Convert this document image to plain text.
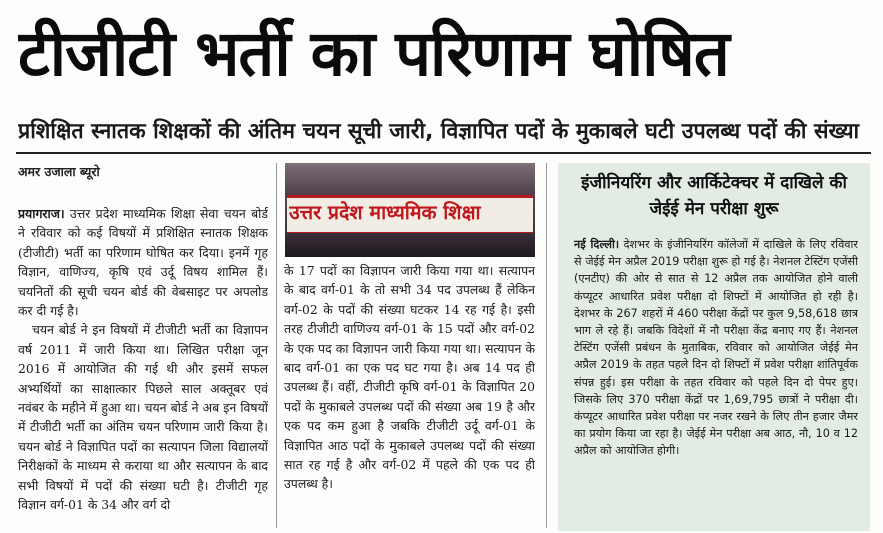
टीजीटी भर्ती का परिणाम घोषित
प्रशिक्षित स्नातक शिक्षकों की अंतिम चयन सूची जारी, विज्ञापित पदों के मुकाबले घटी उपलब्ध पदों की संख्या
अमर उजाला ब्यूरो

प्रयागराज। उत्तर प्रदेश माध्यमिक शिक्षा सेवा चयन बोर्ड ने रविवार को कई विषयों में प्रशिक्षित स्नातक शिक्षक (टीजीटी) भर्ती का परिणाम घोषित कर दिया। इनमें गृह विज्ञान, वाणिज्य, कृषि एवं उर्दू विषय शामिल हैं। चयनितों की सूची चयन बोर्ड की वेबसाइट पर अपलोड कर दी गई है।

चयन बोर्ड ने इन विषयों में टीजीटी भर्ती का विज्ञापन वर्ष 2011 में जारी किया था। लिखित परीक्षा जून 2016 में आयोजित की गई थी और इसमें सफल अभ्यर्थियों का साक्षात्कार पिछले साल अक्तूबर एवं नवंबर के महीने में हुआ था। चयन बोर्ड ने अब इन विषयों में टीजीटी भर्ती का अंतिम चयन परिणाम जारी किया है। चयन बोर्ड ने विज्ञापित पदों का सत्यापन जिला विद्यालयों निरीक्षकों के माध्यम से कराया था और सत्यापन के बाद सभी विषयों में पदों की संख्या घटी है। टीजीटी गृह विज्ञान वर्ग-01 के 34 और वर्ग दो

उत्तर प्रदेश माध्यमिक शिक्षा

के 17 पदों का विज्ञापन जारी किया गया था। सत्यापन के बाद वर्ग-01 के तो सभी 34 पद उपलब्ध हैं लेकिन वर्ग-02 के पदों की संख्या घटकर 14 रह गई है। इसी तरह टीजीटी वाणिज्य वर्ग-01 के 15 पदों और वर्ग-02 के एक पद का विज्ञापन जारी किया गया था। सत्यापन के बाद वर्ग-01 का एक पद घट गया है। अब 14 पद ही उपलब्ध हैं। वहीं, टीजीटी कृषि वर्ग-01 के विज्ञापित 20 पदों के मुकाबले उपलब्ध पदों की संख्या अब 19 है और एक पद कम हुआ है जबकि टीजीटी उर्दू वर्ग-01 के विज्ञापित आठ पदों के मुकाबले उपलब्ध पदों की संख्या सात रह गई है और वर्ग-02 में पहले की एक पद ही उपलब्ध है।

इंजीनियरिंग और आर्किटेक्चर में दाखिले की जेईई मेन परीक्षा शुरू
नई दिल्ली। देशभर के इंजीनियरिंग कॉलेजों में दाखिले के लिए रविवार से जेईई मेन अप्रैल 2019 परीक्षा शुरू हो गई है। नेशनल टेस्टिंग एजेंसी (एनटीए) की ओर से सात से 12 अप्रैल तक आयोजित होने वाली कंप्यूटर आधारित प्रवेश परीक्षा दो शिफ्टों में आयोजित हो रही है। देशभर के 267 शहरों में 460 परीक्षा केंद्रों पर कुल 9,58,618 छात्र भाग ले रहे हैं। जबकि विदेशों में नौ परीक्षा केंद्र बनाए गए हैं। नेशनल टेस्टिंग एजेंसी प्रबंधन के मुताबिक, रविवार को आयोजित जेईई मेन अप्रैल 2019 के तहत पहले दिन दो शिफ्टों में प्रवेश परीक्षा शांतिपूर्वक संपन्न हुई। इस परीक्षा के तहत रविवार को पहले दिन दो पेपर हुए। जिसके लिए 370 परीक्षा केंद्रों पर 1,69,795 छात्रों ने परीक्षा दी। कंप्यूटर आधारित प्रवेश परीक्षा पर नजर रखने के लिए तीन हजार जैमर का प्रयोग किया जा रहा है। जेईई मेन परीक्षा अब आठ, नौ, 10 व 12 अप्रैल को आयोजित होगी।
